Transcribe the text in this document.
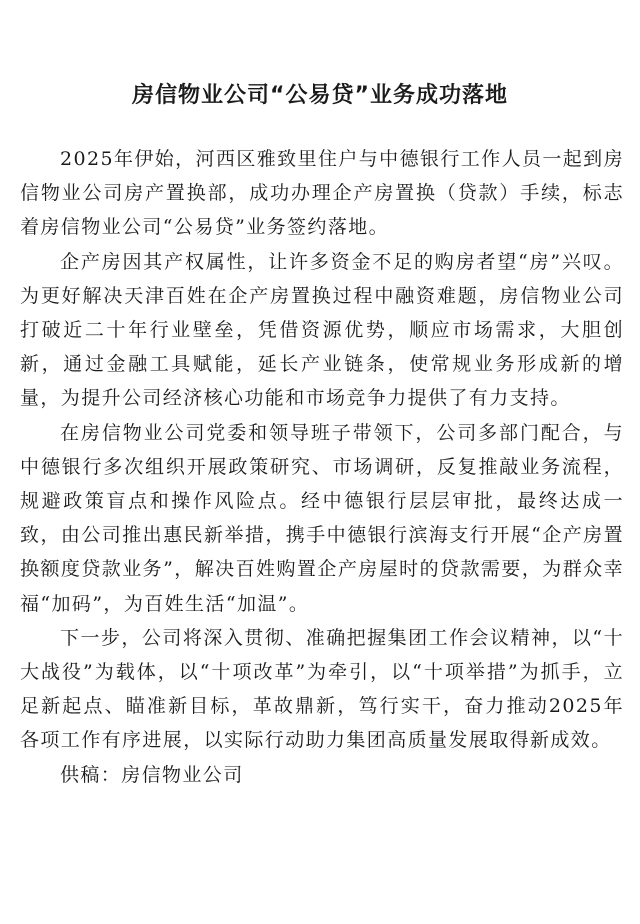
房信物业公司“公易贷”业务成功落地

2025年伊始，河西区雅致里住户与中德银行工作人员一起到房信物业公司房产置换部，成功办理企产房置换（贷款）手续，标志着房信物业公司“公易贷”业务签约落地。

企产房因其产权属性，让许多资金不足的购房者望“房”兴叹。为更好解决天津百姓在企产房置换过程中融资难题，房信物业公司打破近二十年行业壁垒，凭借资源优势，顺应市场需求，大胆创新，通过金融工具赋能，延长产业链条，使常规业务形成新的增量，为提升公司经济核心功能和市场竞争力提供了有力支持。

在房信物业公司党委和领导班子带领下，公司多部门配合，与中德银行多次组织开展政策研究、市场调研，反复推敲业务流程，规避政策盲点和操作风险点。经中德银行层层审批，最终达成一致，由公司推出惠民新举措，携手中德银行滨海支行开展“企产房置换额度贷款业务”，解决百姓购置企产房屋时的贷款需要，为群众幸福“加码”，为百姓生活“加温”。

下一步，公司将深入贯彻、准确把握集团工作会议精神，以“十大战役”为载体，以“十项改革”为牵引，以“十项举措”为抓手，立足新起点、瞄准新目标，革故鼎新，笃行实干，奋力推动2025年各项工作有序进展，以实际行动助力集团高质量发展取得新成效。

供稿：房信物业公司
